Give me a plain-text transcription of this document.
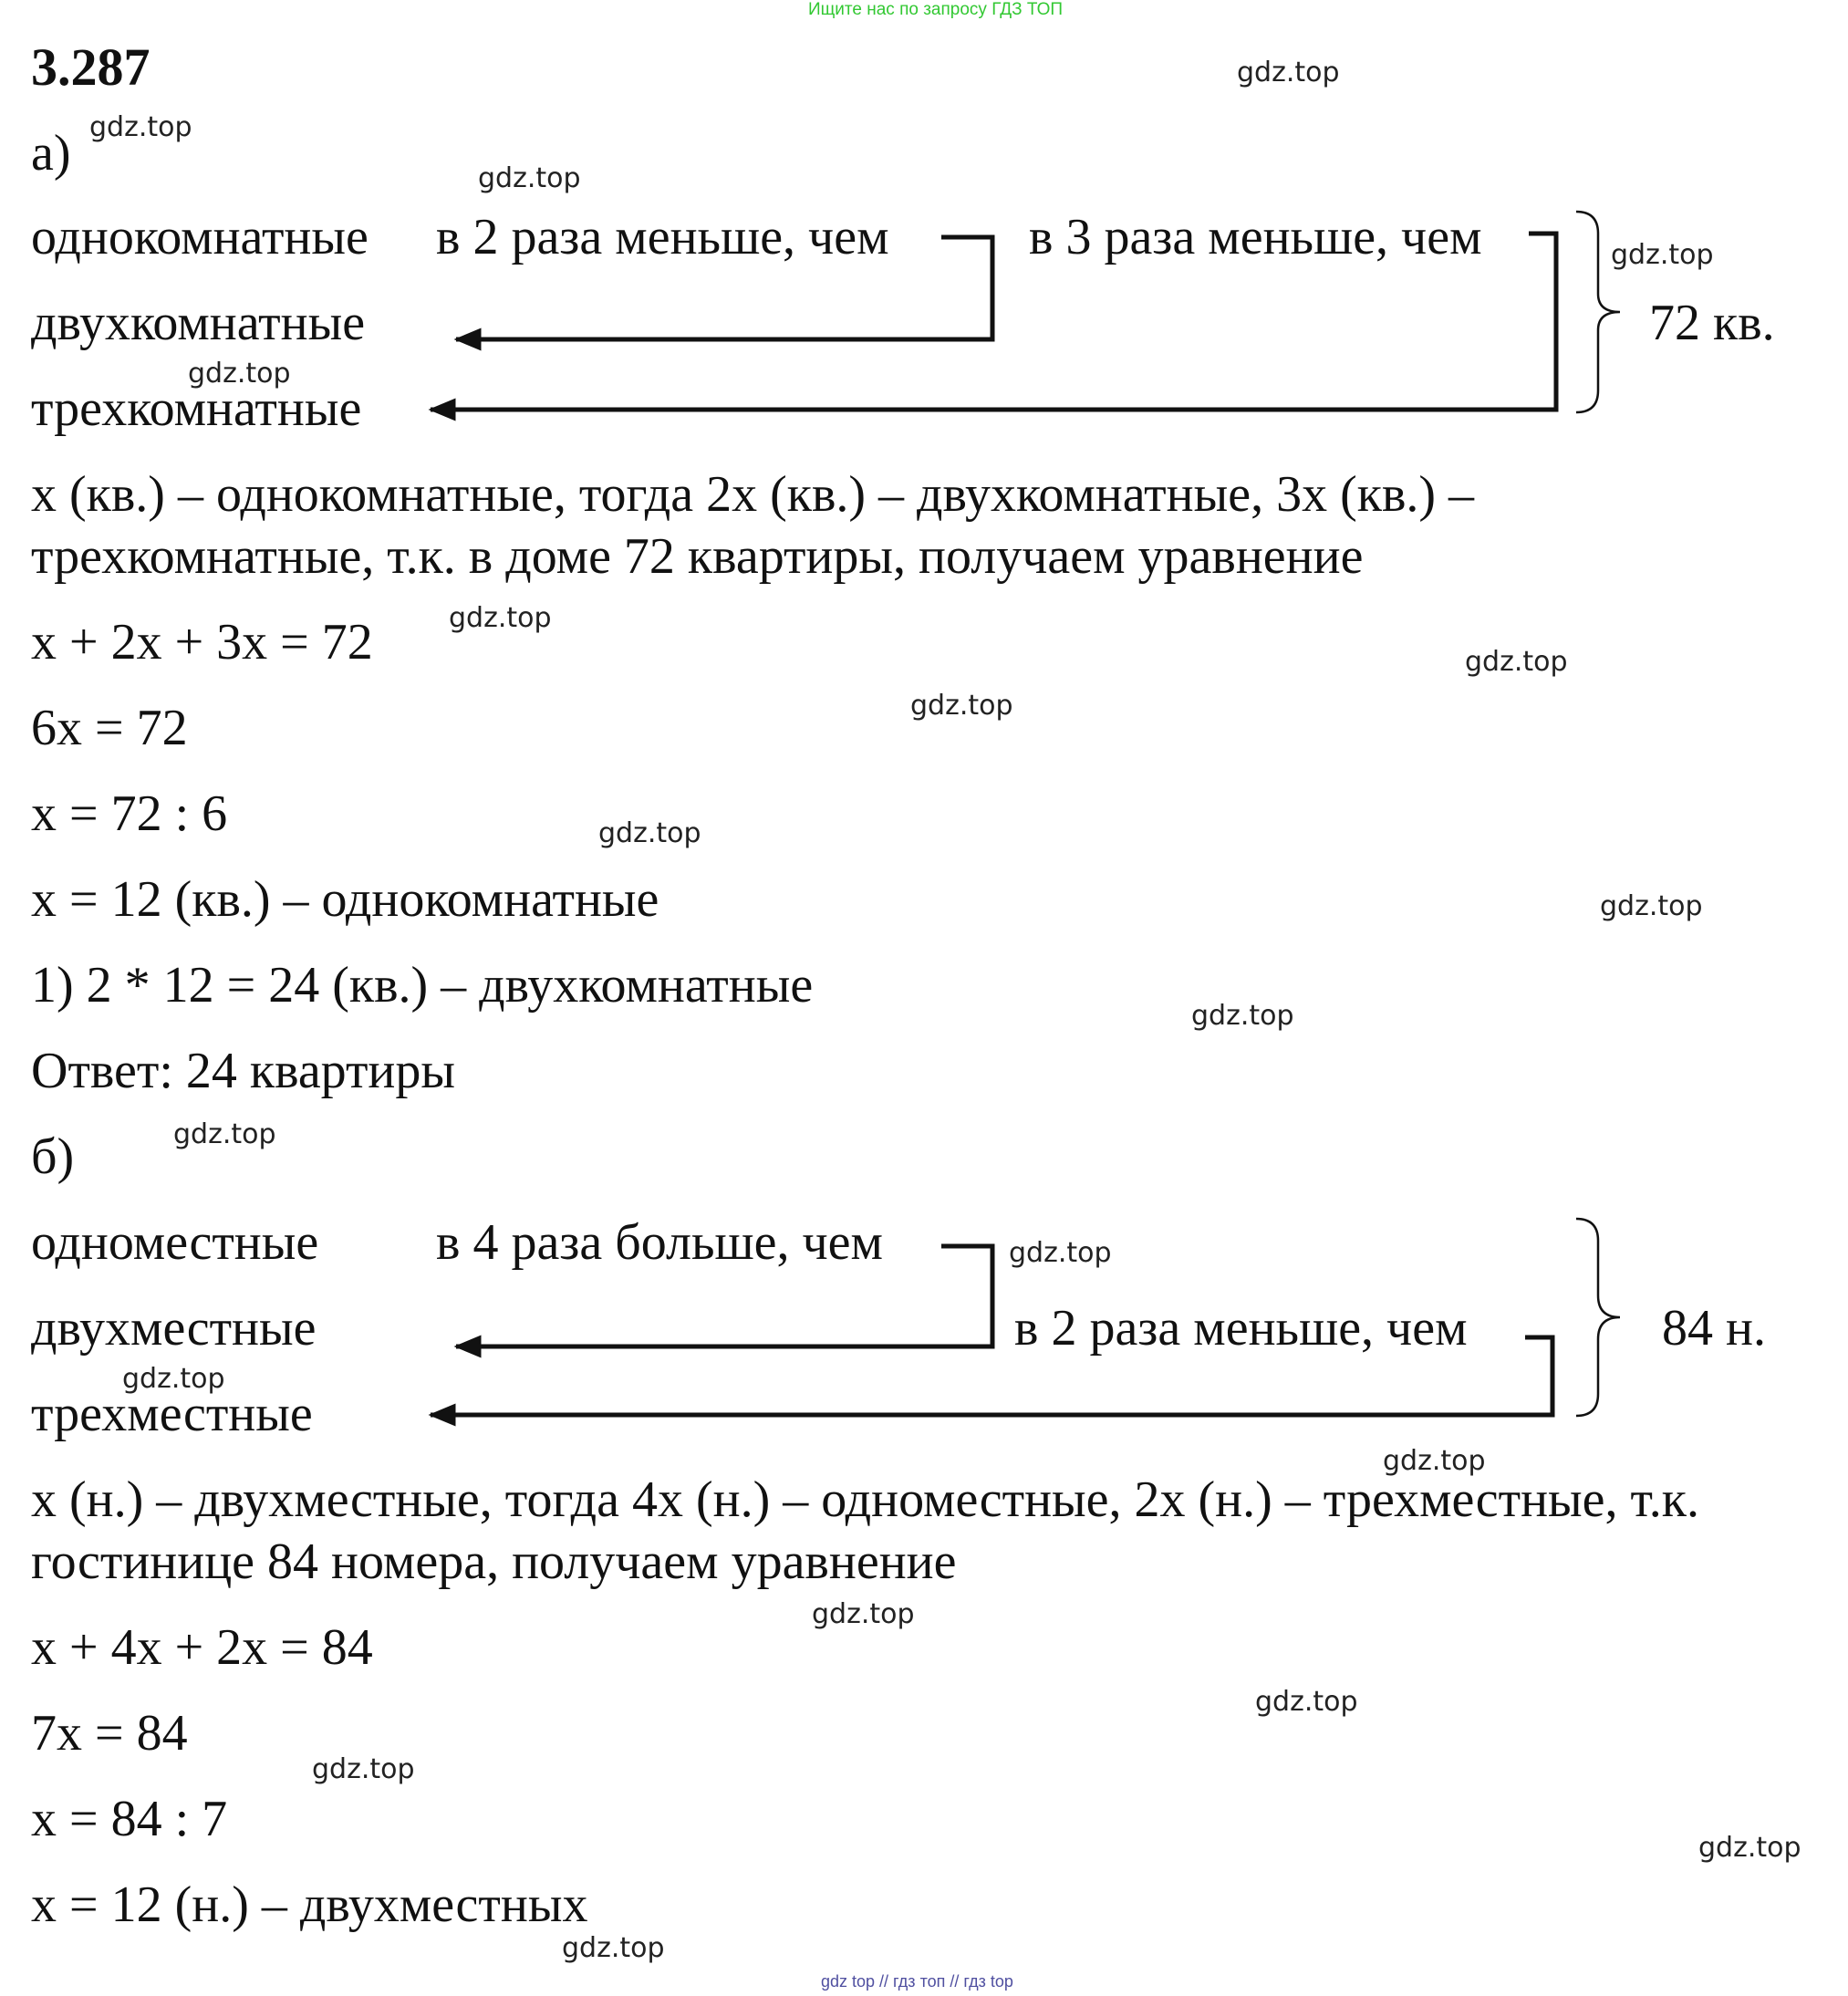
Ищите нас по запросу ГДЗ ТОП
gdz top // гдз топ // гдз top
3.287
а)
однокомнатные в 2 раза меньше, чем	в 3 раза меньше, чем
двухкомнатные	72 кв.
трехкомнатные
x (кв.) – однокомнатные, тогда 2x (кв.) – двухкомнатные, 3x (кв.) –
трехкомнатные, т.к. в доме 72 квартиры, получаем уравнение
x + 2x + 3x = 72
6x = 72
x = 72 : 6
x = 12 (кв.) – однокомнатные
1) 2 * 12 = 24 (кв.) – двухкомнатные
Ответ: 24 квартиры
б)
одноместные в 4 раза больше, чем
двухместные	в 2 раза меньше, чем	84 н.
трехместные
x (н.) – двухместные, тогда 4x (н.) – одноместные, 2x (н.) – трехместные, т.к.
гостинице 84 номера, получаем уравнение
x + 4x + 2x = 84
7x = 84
x = 84 : 7
x = 12 (н.) – двухместных
gdz.top
gdz.top
gdz.top
gdz.top
gdz.top
gdz.top
gdz.top
gdz.top
gdz.top
gdz.top
gdz.top
gdz.top
gdz.top
gdz.top
gdz.top
gdz.top
gdz.top
gdz.top
gdz.top
gdz.top
